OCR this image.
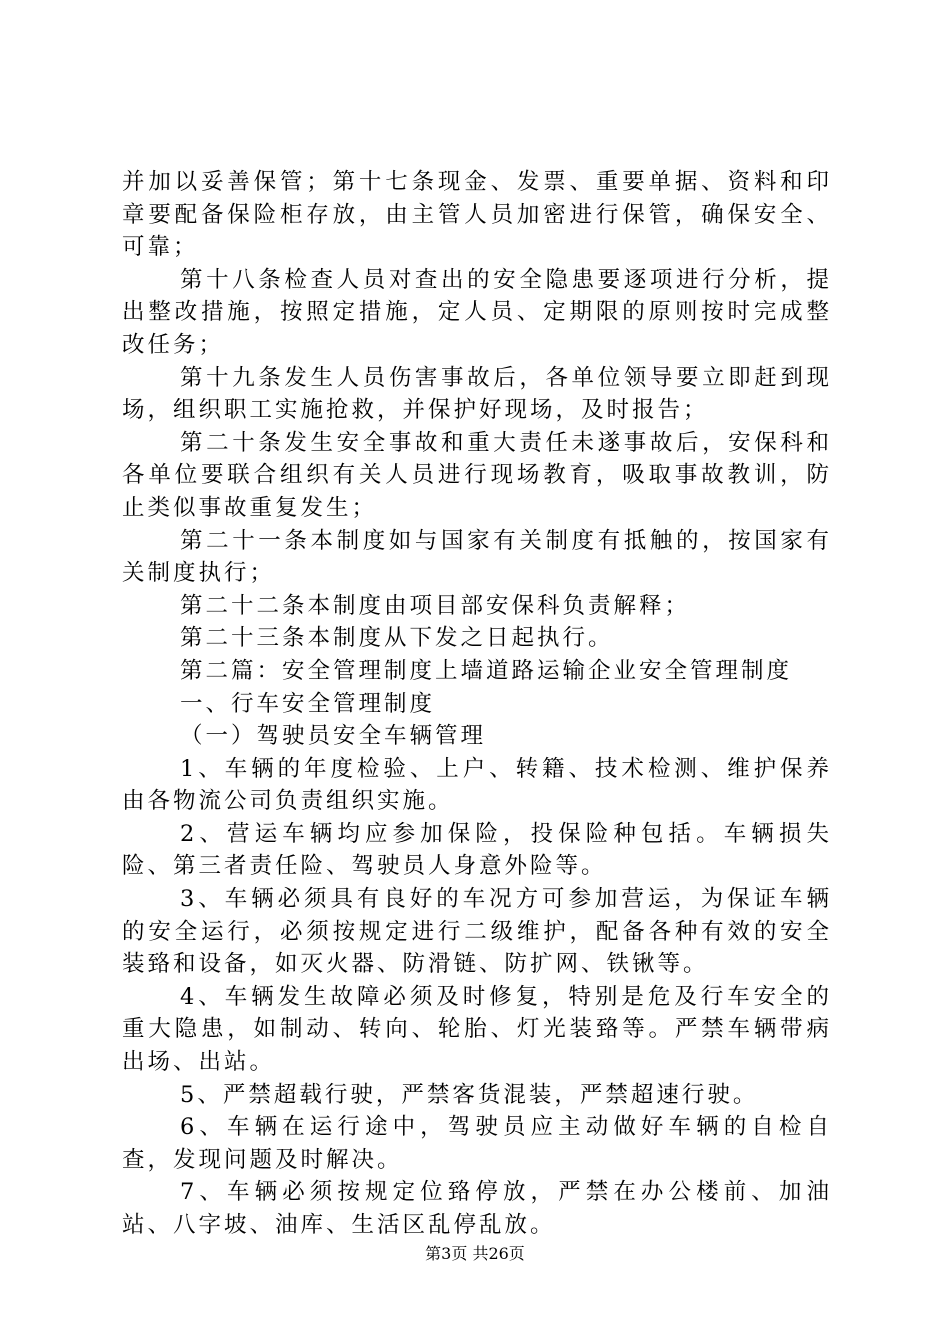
并加以妥善保管；第十七条现金、发票、重要单据、资料和印章要配备保险柜存放，由主管人员加密进行保管，确保安全、可靠；

第十八条检查人员对查出的安全隐患要逐项进行分析，提出整改措施，按照定措施，定人员、定期限的原则按时完成整改任务；

第十九条发生人员伤害事故后，各单位领导要立即赶到现场，组织职工实施抢救，并保护好现场，及时报告；

第二十条发生安全事故和重大责任未遂事故后，安保科和各单位要联合组织有关人员进行现场教育，吸取事故教训，防止类似事故重复发生；

第二十一条本制度如与国家有关制度有抵触的，按国家有关制度执行；

第二十二条本制度由项目部安保科负责解释；

第二十三条本制度从下发之日起执行。

第二篇：安全管理制度上墙道路运输企业安全管理制度

一、行车安全管理制度

（一）驾驶员安全车辆管理

1、车辆的年度检验、上户、转籍、技术检测、维护保养由各物流公司负责组织实施。

2、营运车辆均应参加保险，投保险种包括。车辆损失险、第三者责任险、驾驶员人身意外险等。

3、车辆必须具有良好的车况方可参加营运，为保证车辆的安全运行，必须按规定进行二级维护，配备各种有效的安全装臵和设备，如灭火器、防滑链、防扩网、铁锹等。

4、车辆发生故障必须及时修复，特别是危及行车安全的重大隐患，如制动、转向、轮胎、灯光装臵等。严禁车辆带病出场、出站。

5、严禁超载行驶，严禁客货混装，严禁超速行驶。

6、车辆在运行途中，驾驶员应主动做好车辆的自检自查，发现问题及时解决。

7、车辆必须按规定位臵停放，严禁在办公楼前、加油站、八字坡、油库、生活区乱停乱放。

第3页 共26页
